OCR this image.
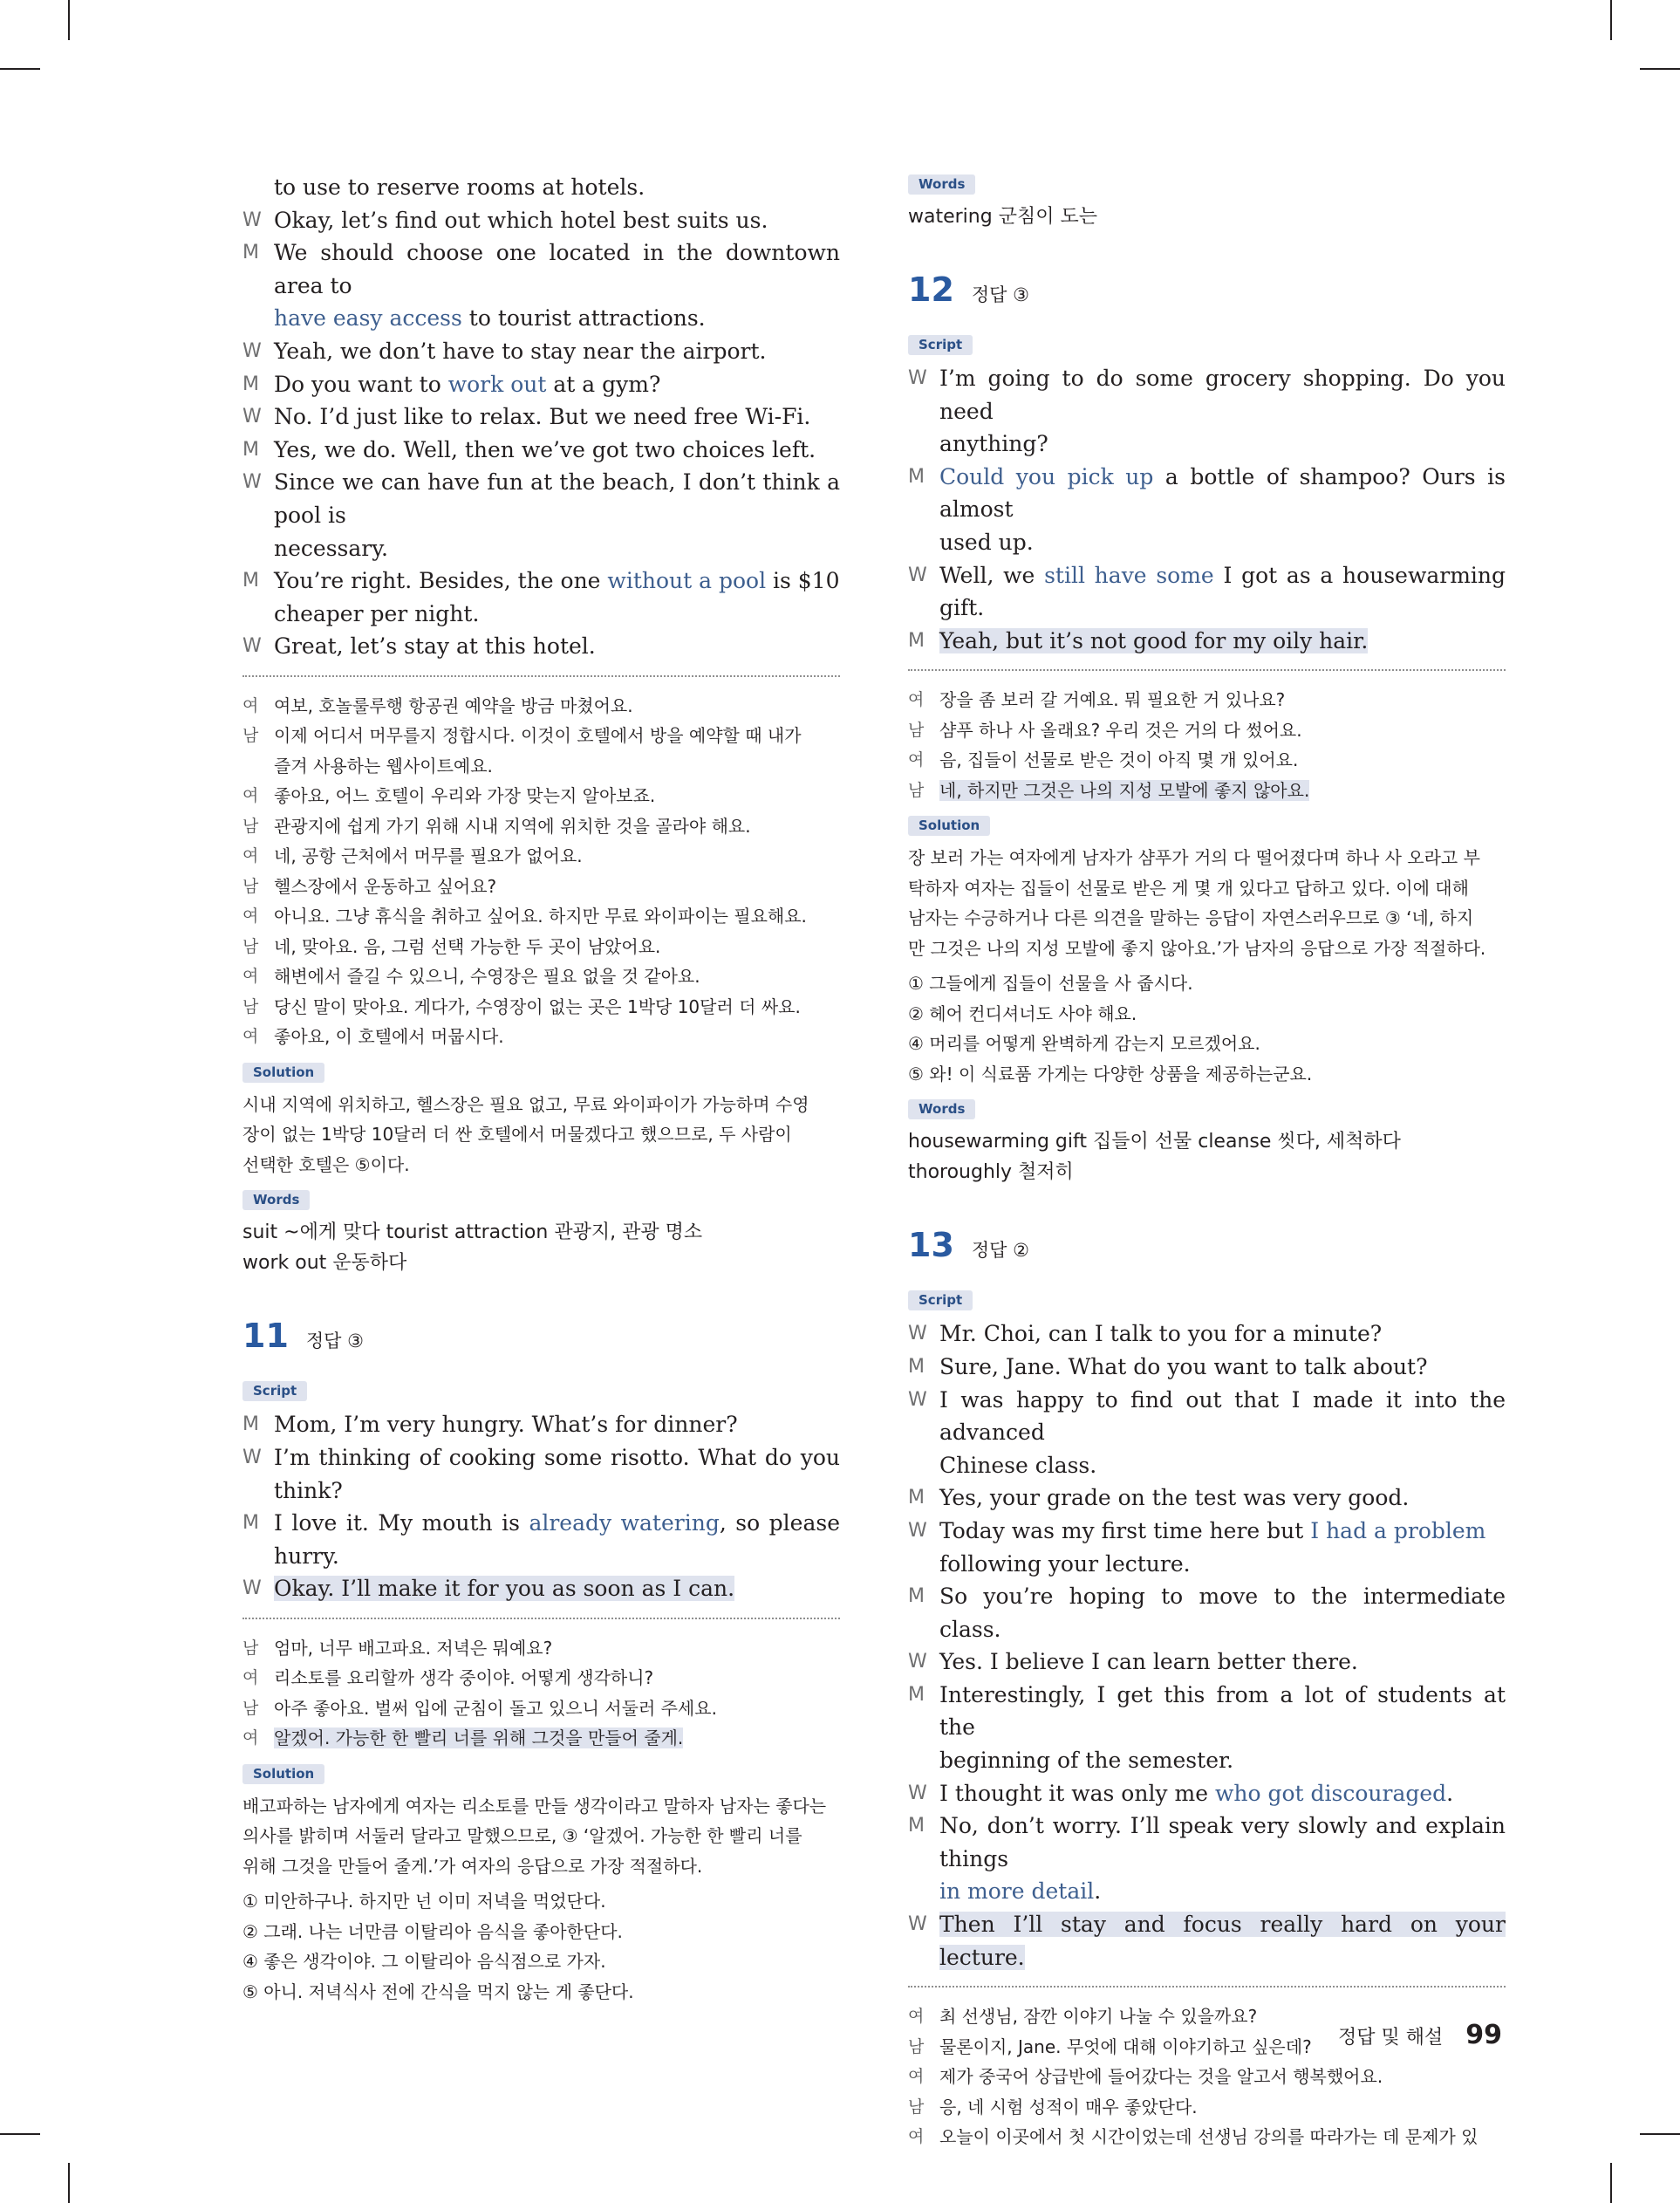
to use to reserve rooms at hotels.
W Okay, let’s find out which hotel best suits us.
M We should choose one located in the downtown area to
have easy access to tourist attractions.
W Yeah, we don’t have to stay near the airport.
M Do you want to work out at a gym?
W No. I’d just like to relax. But we need free Wi-Fi.
M Yes, we do. Well, then we’ve got two choices left.
W Since we can have fun at the beach, I don’t think a pool is
necessary.
M You’re right. Besides, the one without a pool is $10
cheaper per night.
W Great, let’s stay at this hotel.
여 여보, 호놀룰루행 항공권 예약을 방금 마쳤어요.
남 이제 어디서 머무를지 정합시다. 이것이 호텔에서 방을 예약할 때 내가
즐겨 사용하는 웹사이트예요.
여 좋아요, 어느 호텔이 우리와 가장 맞는지 알아보죠.
남 관광지에 쉽게 가기 위해 시내 지역에 위치한 것을 골라야 해요.
여 네, 공항 근처에서 머무를 필요가 없어요.
남 헬스장에서 운동하고 싶어요?
여 아니요. 그냥 휴식을 취하고 싶어요. 하지만 무료 와이파이는 필요해요.
남 네, 맞아요. 음, 그럼 선택 가능한 두 곳이 남았어요.
여 해변에서 즐길 수 있으니, 수영장은 필요 없을 것 같아요.
남 당신 말이 맞아요. 게다가, 수영장이 없는 곳은 1박당 10달러 더 싸요.
여 좋아요, 이 호텔에서 머뭅시다.
Solution
시내 지역에 위치하고, 헬스장은 필요 없고, 무료 와이파이가 가능하며 수영
장이 없는 1박당 10달러 더 싼 호텔에서 머물겠다고 했으므로, 두 사람이
선택한 호텔은 ⑤이다.
Words
suit ~에게 맞다 tourist attraction 관광지, 관광 명소
work out 운동하다
11 정답 ③
Script
M Mom, I’m very hungry. What’s for dinner?
W I’m thinking of cooking some risotto. What do you think?
M I love it. My mouth is already watering, so please hurry.
W Okay. I’ll make it for you as soon as I can.
남 엄마, 너무 배고파요. 저녁은 뭐예요?
여 리소토를 요리할까 생각 중이야. 어떻게 생각하니?
남 아주 좋아요. 벌써 입에 군침이 돌고 있으니 서둘러 주세요.
여 알겠어. 가능한 한 빨리 너를 위해 그것을 만들어 줄게.
Solution
배고파하는 남자에게 여자는 리소토를 만들 생각이라고 말하자 남자는 좋다는
의사를 밝히며 서둘러 달라고 말했으므로, ③ ‘알겠어. 가능한 한 빨리 너를
위해 그것을 만들어 줄게.’가 여자의 응답으로 가장 적절하다.
① 미안하구나. 하지만 넌 이미 저녁을 먹었단다.
② 그래. 나는 너만큼 이탈리아 음식을 좋아한단다.
④ 좋은 생각이야. 그 이탈리아 음식점으로 가자.
⑤ 아니. 저녁식사 전에 간식을 먹지 않는 게 좋단다.
Words
watering 군침이 도는
12 정답 ③
Script
W I’m going to do some grocery shopping. Do you need
anything?
M Could you pick up a bottle of shampoo? Ours is almost
used up.
W Well, we still have some I got as a housewarming gift.
M Yeah, but it’s not good for my oily hair.
여 장을 좀 보러 갈 거예요. 뭐 필요한 거 있나요?
남 샴푸 하나 사 올래요? 우리 것은 거의 다 썼어요.
여 음, 집들이 선물로 받은 것이 아직 몇 개 있어요.
남 네, 하지만 그것은 나의 지성 모발에 좋지 않아요.
Solution
장 보러 가는 여자에게 남자가 샴푸가 거의 다 떨어졌다며 하나 사 오라고 부
탁하자 여자는 집들이 선물로 받은 게 몇 개 있다고 답하고 있다. 이에 대해
남자는 수긍하거나 다른 의견을 말하는 응답이 자연스러우므로 ③ ‘네, 하지
만 그것은 나의 지성 모발에 좋지 않아요.’가 남자의 응답으로 가장 적절하다.
① 그들에게 집들이 선물을 사 줍시다.
② 헤어 컨디셔너도 사야 해요.
④ 머리를 어떻게 완벽하게 감는지 모르겠어요.
⑤ 와! 이 식료품 가게는 다양한 상품을 제공하는군요.
Words
housewarming gift 집들이 선물 cleanse 씻다, 세척하다
thoroughly 철저히
13 정답 ②
Script
W Mr. Choi, can I talk to you for a minute?
M Sure, Jane. What do you want to talk about?
W I was happy to find out that I made it into the advanced
Chinese class.
M Yes, your grade on the test was very good.
W Today was my first time here but I had a problem
following your lecture.
M So you’re hoping to move to the intermediate class.
W Yes. I believe I can learn better there.
M Interestingly, I get this from a lot of students at the
beginning of the semester.
W I thought it was only me who got discouraged.
M No, don’t worry. I’ll speak very slowly and explain things
in more detail.
W Then I’ll stay and focus really hard on your lecture.
여 최 선생님, 잠깐 이야기 나눌 수 있을까요?
남 물론이지, Jane. 무엇에 대해 이야기하고 싶은데?
여 제가 중국어 상급반에 들어갔다는 것을 알고서 행복했어요.
남 응, 네 시험 성적이 매우 좋았단다.
여 오늘이 이곳에서 첫 시간이었는데 선생님 강의를 따라가는 데 문제가 있
정답 및 해설 99
